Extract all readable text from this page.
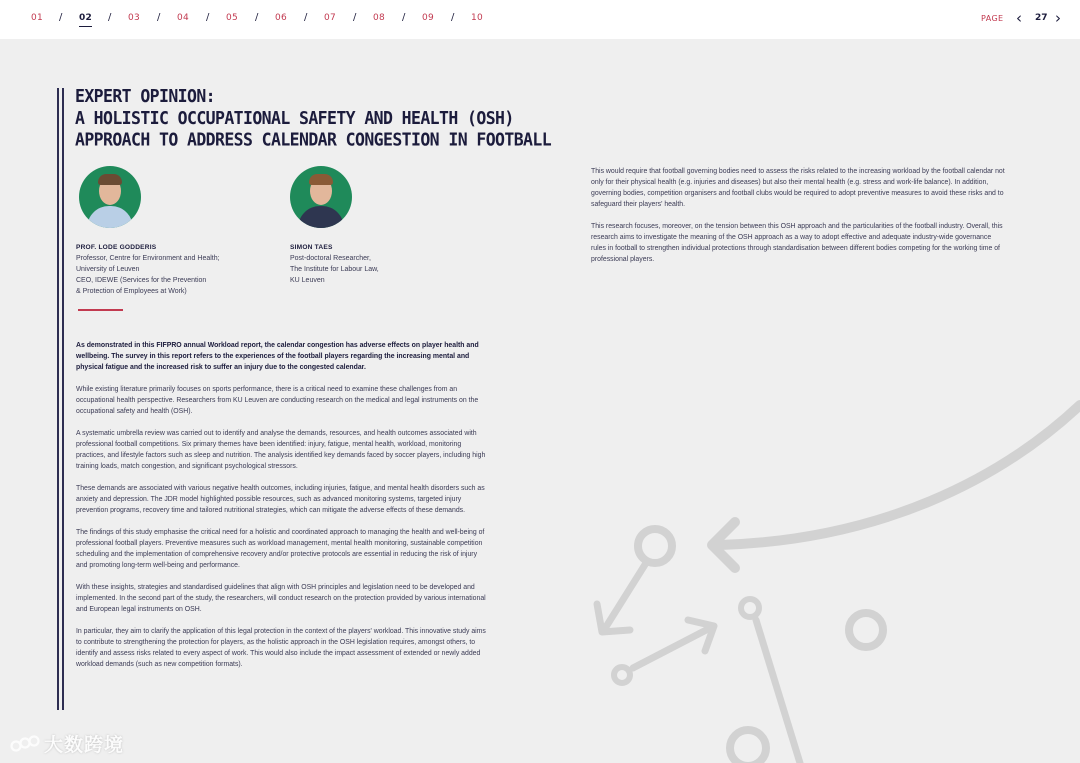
01 / 02 / 03 / 04 / 05 / 06 / 07 / 08 / 09 / 10	PAGE ‹ 27 ›
EXPERT OPINION:
A HOLISTIC OCCUPATIONAL SAFETY AND HEALTH (OSH)
APPROACH TO ADDRESS CALENDAR CONGESTION IN FOOTBALL
PROF. LODE GODDERIS
Professor, Centre for Environment and Health;
University of Leuven
CEO, IDEWE (Services for the Prevention
& Protection of Employees at Work)
SIMON TAES
Post-doctoral Researcher,
The Institute for Labour Law,
KU Leuven

As demonstrated in this FIFPRO annual Workload report, the calendar congestion has adverse effects on player health and wellbeing. The survey in this report refers to the experiences of the football players regarding the increasing mental and physical fatigue and the increased risk to suffer an injury due to the congested calendar.

While existing literature primarily focuses on sports performance, there is a critical need to examine these challenges from an occupational health perspective. Researchers from KU Leuven are conducting research on the medical and legal instruments on the occupational safety and health (OSH).

A systematic umbrella review was carried out to identify and analyse the demands, resources, and health outcomes associated with professional football competitions. Six primary themes have been identified: injury, fatigue, mental health, workload, monitoring practices, and lifestyle factors such as sleep and nutrition. The analysis identified key demands faced by soccer players, including high training loads, match congestion, and significant psychological stressors.

These demands are associated with various negative health outcomes, including injuries, fatigue, and mental health disorders such as anxiety and depression. The JDR model highlighted possible resources, such as advanced monitoring systems, targeted injury prevention programs, recovery time and tailored nutritional strategies, which can mitigate the adverse effects of these demands.

The findings of this study emphasise the critical need for a holistic and coordinated approach to managing the health and well-being of professional football players. Preventive measures such as workload management, mental health monitoring, sustainable competition scheduling and the implementation of comprehensive recovery and/or protective protocols are essential in reducing the risk of injury and promoting long-term well-being and performance.

With these insights, strategies and standardised guidelines that align with OSH principles and legislation need to be developed and implemented. In the second part of the study, the researchers, will conduct research on the protection provided by various international and European legal instruments on OSH.

In particular, they aim to clarify the application of this legal protection in the context of the players' workload. This innovative study aims to contribute to strengthening the protection for players, as the holistic approach in the OSH legislation requires, amongst others, to identify and assess risks related to every aspect of work. This would also include the impact assessment of extended or newly added workload demands (such as new competition formats).

This would require that football governing bodies need to assess the risks related to the increasing workload by the football calendar not only for their physical health (e.g. injuries and diseases) but also their mental health (e.g. stress and work-life balance). In addition, governing bodies, competition organisers and football clubs would be required to adopt preventive measures to avoid these risks and to safeguard their players' health.

This research focuses, moreover, on the tension between this OSH approach and the particularities of the football industry. Overall, this research aims to investigate the meaning of the OSH approach as a way to adopt effective and adequate industry-wide governance rules in football to strengthen individual protections through standardisation between different bodies competing for the working time of professional players.

大数跨境
